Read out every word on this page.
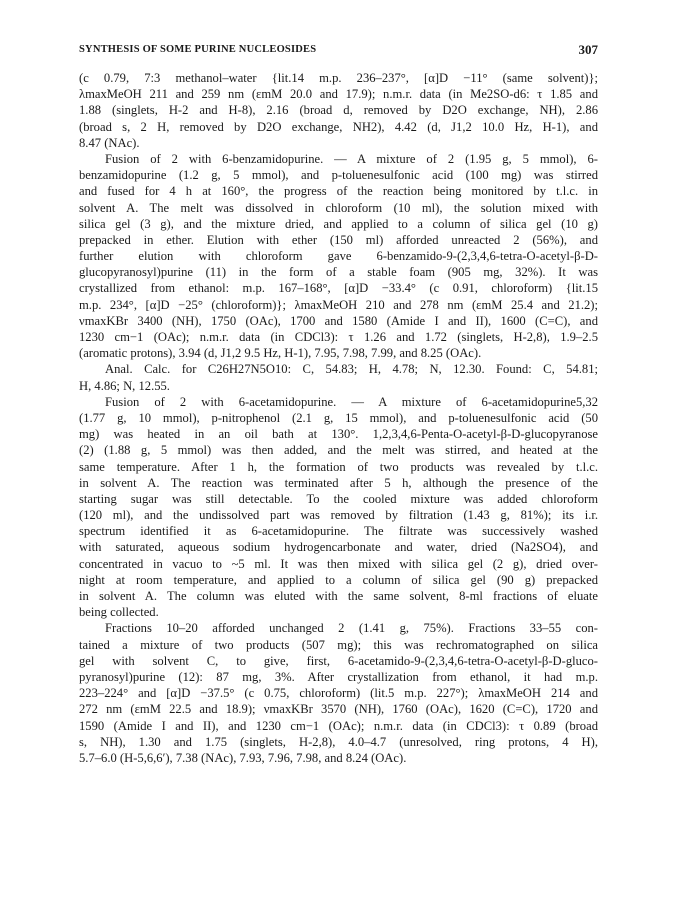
SYNTHESIS OF SOME PURINE NUCLEOSIDES	307
(c 0.79, 7:3 methanol–water {lit.14 m.p. 236–237°, [α]D −11° (same solvent)};
λmaxMeOH 211 and 259 nm (εmM 20.0 and 17.9); n.m.r. data (in Me2SO-d6: τ 1.85 and
1.88 (singlets, H-2 and H-8), 2.16 (broad d, removed by D2O exchange, NH), 2.86
(broad s, 2 H, removed by D2O exchange, NH2), 4.42 (d, J1,2 10.0 Hz, H-1), and
8.47 (NAc).
Fusion of 2 with 6-benzamidopurine. — A mixture of 2 (1.95 g, 5 mmol), 6-
benzamidopurine (1.2 g, 5 mmol), and p-toluenesulfonic acid (100 mg) was stirred
and fused for 4 h at 160°, the progress of the reaction being monitored by t.l.c. in
solvent A. The melt was dissolved in chloroform (10 ml), the solution mixed with
silica gel (3 g), and the mixture dried, and applied to a column of silica gel (10 g)
prepacked in ether. Elution with ether (150 ml) afforded unreacted 2 (56%), and
further elution with chloroform gave 6-benzamido-9-(2,3,4,6-tetra-O-acetyl-β-D-
glucopyranosyl)purine (11) in the form of a stable foam (905 mg, 32%). It was
crystallized from ethanol: m.p. 167–168°, [α]D −33.4° (c 0.91, chloroform) {lit.15
m.p. 234°, [α]D −25° (chloroform)}; λmaxMeOH 210 and 278 nm (εmM 25.4 and 21.2);
νmaxKBr 3400 (NH), 1750 (OAc), 1700 and 1580 (Amide I and II), 1600 (C=C), and
1230 cm−1 (OAc); n.m.r. data (in CDCl3): τ 1.26 and 1.72 (singlets, H-2,8), 1.9–2.5
(aromatic protons), 3.94 (d, J1,2 9.5 Hz, H-1), 7.95, 7.98, 7.99, and 8.25 (OAc).
Anal. Calc. for C26H27N5O10: C, 54.83; H, 4.78; N, 12.30. Found: C, 54.81;
H, 4.86; N, 12.55.
Fusion of 2 with 6-acetamidopurine. — A mixture of 6-acetamidopurine5,32
(1.77 g, 10 mmol), p-nitrophenol (2.1 g, 15 mmol), and p-toluenesulfonic acid (50
mg) was heated in an oil bath at 130°. 1,2,3,4,6-Penta-O-acetyl-β-D-glucopyranose
(2) (1.88 g, 5 mmol) was then added, and the melt was stirred, and heated at the
same temperature. After 1 h, the formation of two products was revealed by t.l.c.
in solvent A. The reaction was terminated after 5 h, although the presence of the
starting sugar was still detectable. To the cooled mixture was added chloroform
(120 ml), and the undissolved part was removed by filtration (1.43 g, 81%); its i.r.
spectrum identified it as 6-acetamidopurine. The filtrate was successively washed
with saturated, aqueous sodium hydrogencarbonate and water, dried (Na2SO4), and
concentrated in vacuo to ~5 ml. It was then mixed with silica gel (2 g), dried over-
night at room temperature, and applied to a column of silica gel (90 g) prepacked
in solvent A. The column was eluted with the same solvent, 8-ml fractions of eluate
being collected.
Fractions 10–20 afforded unchanged 2 (1.41 g, 75%). Fractions 33–55 con-
tained a mixture of two products (507 mg); this was rechromatographed on silica
gel with solvent C, to give, first, 6-acetamido-9-(2,3,4,6-tetra-O-acetyl-β-D-gluco-
pyranosyl)purine (12): 87 mg, 3%. After crystallization from ethanol, it had m.p.
223–224° and [α]D −37.5° (c 0.75, chloroform) (lit.5 m.p. 227°); λmaxMeOH 214 and
272 nm (εmM 22.5 and 18.9); νmaxKBr 3570 (NH), 1760 (OAc), 1620 (C=C), 1720 and
1590 (Amide I and II), and 1230 cm−1 (OAc); n.m.r. data (in CDCl3): τ 0.89 (broad
s, NH), 1.30 and 1.75 (singlets, H-2,8), 4.0–4.7 (unresolved, ring protons, 4 H),
5.7–6.0 (H-5,6,6′), 7.38 (NAc), 7.93, 7.96, 7.98, and 8.24 (OAc).
